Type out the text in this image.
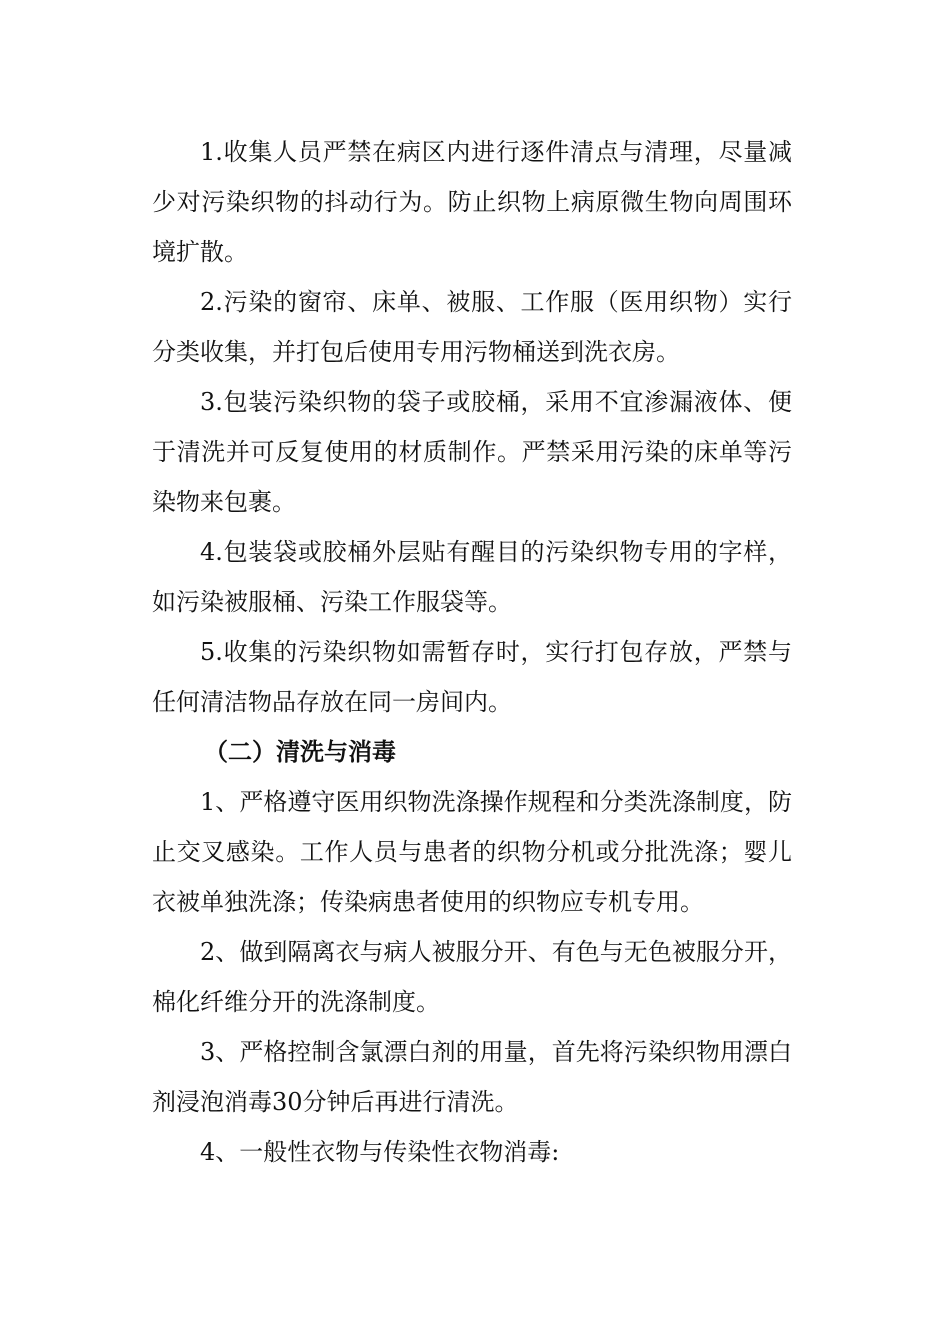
1.收集人员严禁在病区内进行逐件清点与清理，尽量减少对污染织物的抖动行为。防止织物上病原微生物向周围环境扩散。

2.污染的窗帘、床单、被服、工作服（医用织物）实行分类收集，并打包后使用专用污物桶送到洗衣房。

3.包装污染织物的袋子或胶桶，采用不宜渗漏液体、便于清洗并可反复使用的材质制作。严禁采用污染的床单等污染物来包裹。

4.包装袋或胶桶外层贴有醒目的污染织物专用的字样，如污染被服桶、污染工作服袋等。

5.收集的污染织物如需暂存时，实行打包存放，严禁与任何清洁物品存放在同一房间内。

（二）清洗与消毒

1、严格遵守医用织物洗涤操作规程和分类洗涤制度，防止交叉感染。工作人员与患者的织物分机或分批洗涤；婴儿衣被单独洗涤；传染病患者使用的织物应专机专用。

2、做到隔离衣与病人被服分开、有色与无色被服分开，棉化纤维分开的洗涤制度。

3、严格控制含氯漂白剂的用量，首先将污染织物用漂白剂浸泡消毒30分钟后再进行清洗。

4、一般性衣物与传染性衣物消毒:
